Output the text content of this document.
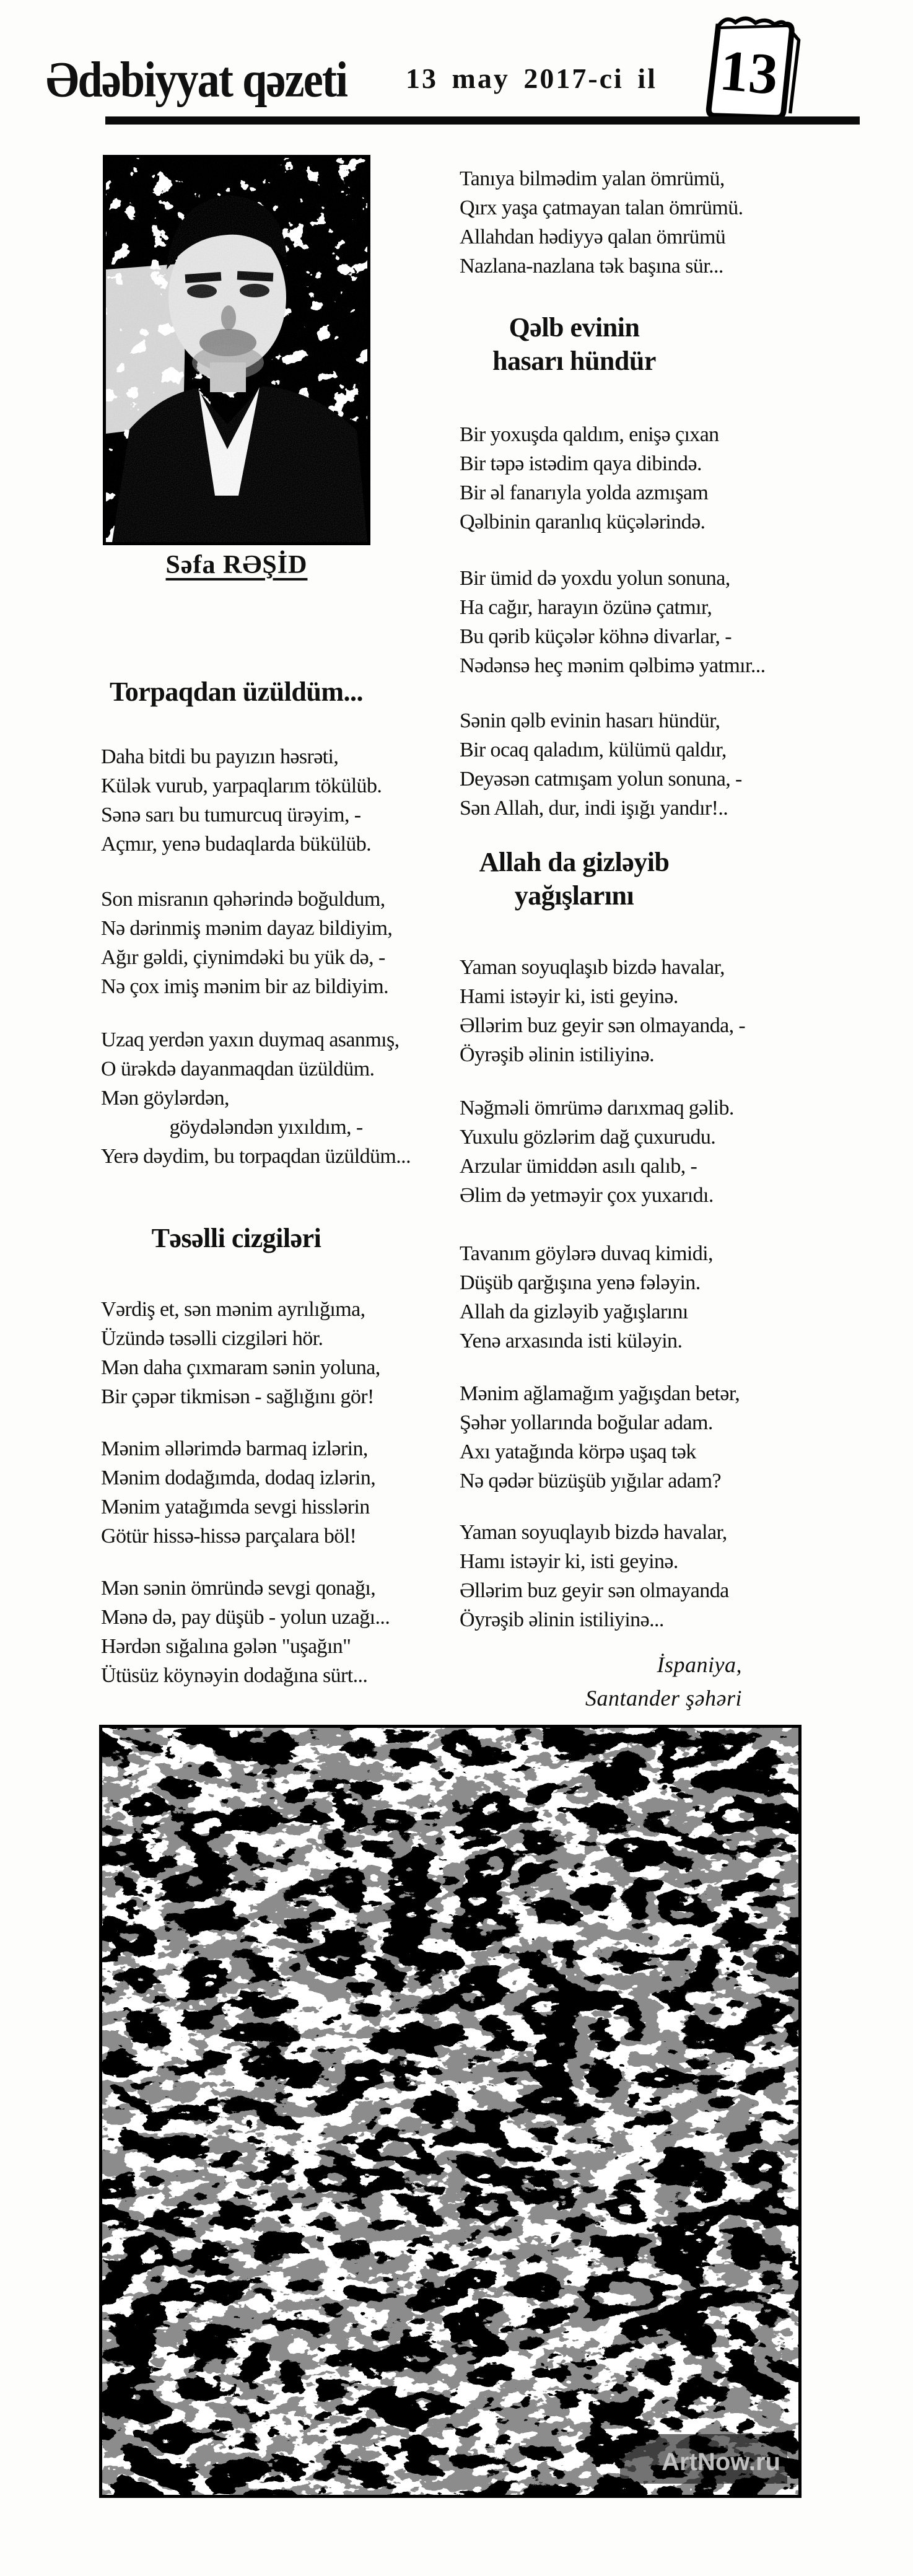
Ədəbiyyat qəzeti 13 may 2017-ci il 13
Səfa RƏŞİD
Torpaqdan üzüldüm...
Daha bitdi bu payızın həsrəti,
Külək vurub, yarpaqlarım tökülüb.
Sənə sarı bu tumurcuq ürəyim, -
Açmır, yenə budaqlarda bükülüb.
Son misranın qəhərində boğuldum,
Nə dərinmiş mənim dayaz bildiyim,
Ağır gəldi, çiynimdəki bu yük də, -
Nə çox imiş mənim bir az bildiyim.
Uzaq yerdən yaxın duymaq asanmış,
O ürəkdə dayanmaqdan üzüldüm.
Mən göylərdən,
göydələndən yıxıldım, -
Yerə dəydim, bu torpaqdan üzüldüm...
Təsəlli cizgiləri
Vərdiş et, sən mənim ayrılığıma,
Üzündə təsəlli cizgiləri hör.
Mən daha çıxmaram sənin yoluna,
Bir çəpər tikmisən - sağlığını gör!
Mənim əllərimdə barmaq izlərin,
Mənim dodağımda, dodaq izlərin,
Mənim yatağımda sevgi hisslərin
Götür hissə-hissə parçalara böl!
Mən sənin ömründə sevgi qonağı,
Mənə də, pay düşüb - yolun uzağı...
Hərdən sığalına gələn "uşağın"
Ütüsüz köynəyin dodağına sürt...
Tanıya bilmədim yalan ömrümü,
Qırx yaşa çatmayan talan ömrümü.
Allahdan hədiyyə qalan ömrümü
Nazlana-nazlana tək başına sür...
Qəlb evinin
hasarı hündür
Bir yoxuşda qaldım, enişə çıxan
Bir təpə istədim qaya dibində.
Bir əl fanarıyla yolda azmışam
Qəlbinin qaranlıq küçələrində.
Bir ümid də yoxdu yolun sonuna,
Ha cağır, harayın özünə çatmır,
Bu qərib küçələr köhnə divarlar, -
Nədənsə heç mənim qəlbimə yatmır...
Sənin qəlb evinin hasarı hündür,
Bir ocaq qaladım, külümü qaldır,
Deyəsən catmışam yolun sonuna, -
Sən Allah, dur, indi işığı yandır!..
Allah da gizləyib
yağışlarını
Yaman soyuqlaşıb bizdə havalar,
Hami istəyir ki, isti geyinə.
Əllərim buz geyir sən olmayanda, -
Öyrəşib əlinin istiliyinə.
Nəğməli ömrümə darıxmaq gəlib.
Yuxulu gözlərim dağ çuxurudu.
Arzular ümiddən asılı qalıb, -
Əlim də yetməyir çox yuxarıdı.
Tavanım göylərə duvaq kimidi,
Düşüb qarğışına yenə fələyin.
Allah da gizləyib yağışlarını
Yenə arxasında isti küləyin.
Mənim ağlamağım yağışdan betər,
Şəhər yollarında boğular adam.
Axı yatağında körpə uşaq tək
Nə qədər büzüşüb yığılar adam?
Yaman soyuqlayıb bizdə havalar,
Hamı istəyir ki, isti geyinə.
Əllərim buz geyir sən olmayanda
Öyrəşib əlinin istiliyinə...
İspaniya,
Santander şəhəri
ArtNow.ru
